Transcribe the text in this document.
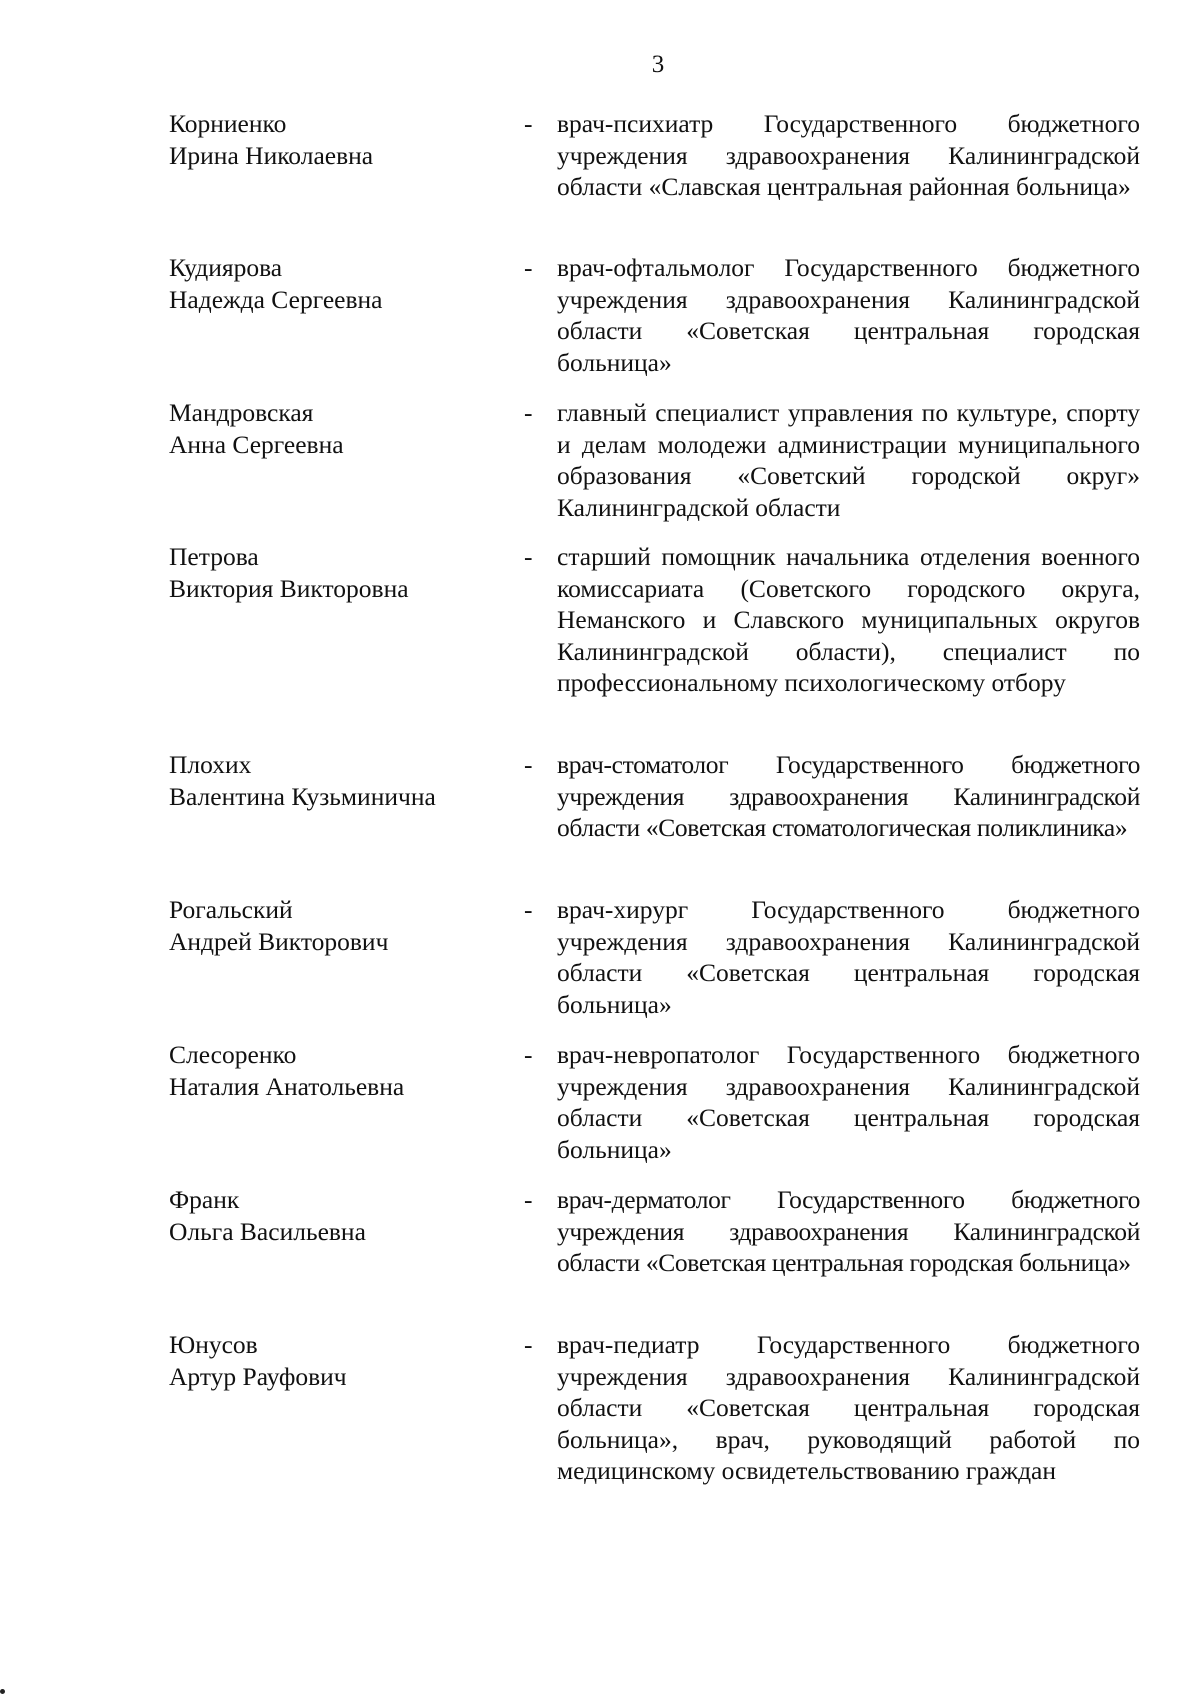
3
Корниенко
Ирина Николаевна
- врач-психиатр Государственного бюджетного учреждения здравоохранения Калининградской области «Славская центральная районная больница»
Кудиярова
Надежда Сергеевна
- врач-офтальмолог Государственного бюджетного учреждения здравоохранения Калининградской области «Советская центральная городская больница»
Мандровская
Анна Сергеевна
- главный специалист управления по культуре, спорту и делам молодежи администрации муниципального образования «Советский городской округ» Калининградской области
Петрова
Виктория Викторовна
- старший помощник начальника отделения военного комиссариата (Советского городского округа, Неманского и Славского муниципальных округов Калининградской области), специалист по профессиональному психологическому отбору
Плохих
Валентина Кузьминична
- врач-стоматолог Государственного бюджетного учреждения здравоохранения Калининградской области «Советская стоматологическая поликлиника»
Рогальский
Андрей Викторович
- врач-хирург Государственного бюджетного учреждения здравоохранения Калининградской области «Советская центральная городская больница»
Слесоренко
Наталия Анатольевна
- врач-невропатолог Государственного бюджетного учреждения здравоохранения Калининградской области «Советская центральная городская больница»
Франк
Ольга Васильевна
- врач-дерматолог Государственного бюджетного учреждения здравоохранения Калининградской области «Советская центральная городская больница»
Юнусов
Артур Рауфович
- врач-педиатр Государственного бюджетного учреждения здравоохранения Калининградской области «Советская центральная городская больница», врач, руководящий работой по медицинскому освидетельствованию граждан
